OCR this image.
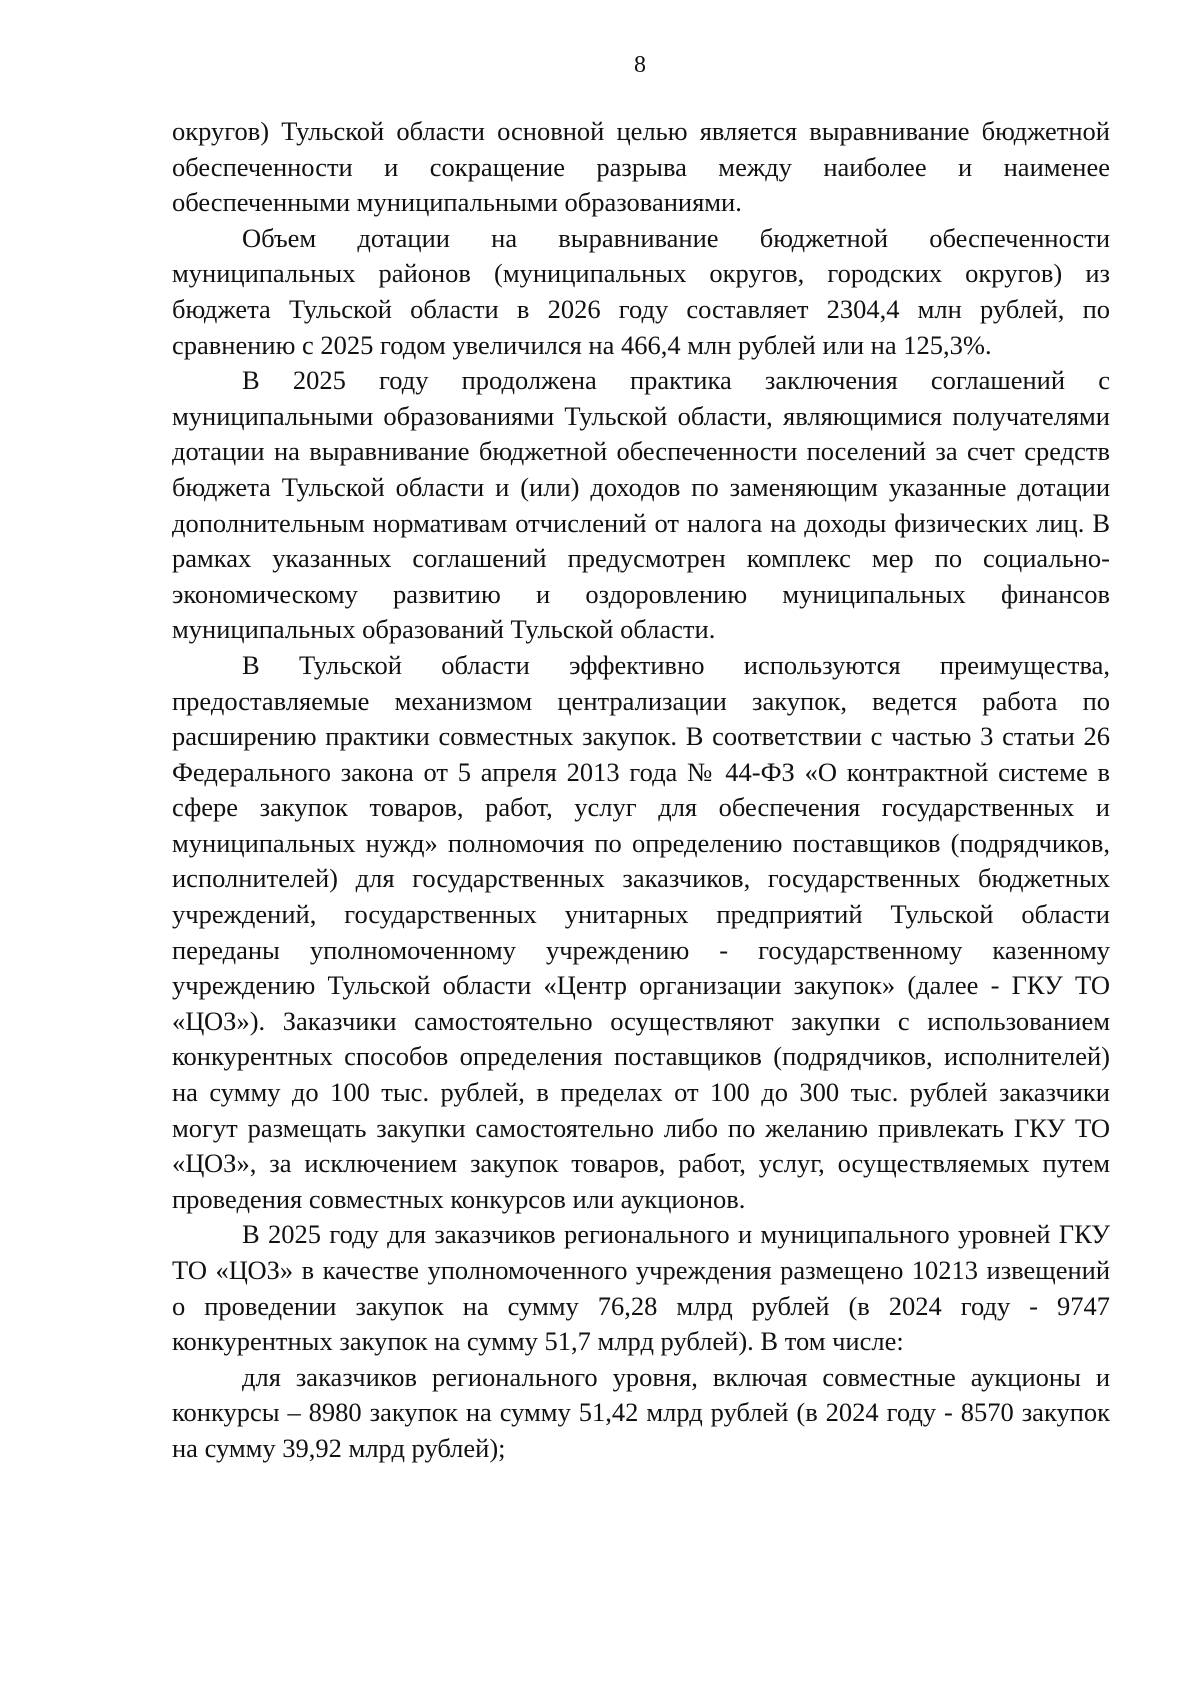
8

округов) Тульской области основной целью является выравнивание бюджетной обеспеченности и сокращение разрыва между наиболее и наименее обеспеченными муниципальными образованиями.

Объем дотации на выравнивание бюджетной обеспеченности муниципальных районов (муниципальных округов, городских округов) из бюджета Тульской области в 2026 году составляет 2304,4 млн рублей, по сравнению с 2025 годом увеличился на 466,4 млн рублей или на 125,3%.

В 2025 году продолжена практика заключения соглашений с муниципальными образованиями Тульской области, являющимися получателями дотации на выравнивание бюджетной обеспеченности поселений за счет средств бюджета Тульской области и (или) доходов по заменяющим указанные дотации дополнительным нормативам отчислений от налога на доходы физических лиц. В рамках указанных соглашений предусмотрен комплекс мер по социально-экономическому развитию и оздоровлению муниципальных финансов муниципальных образований Тульской области.

В Тульской области эффективно используются преимущества, предоставляемые механизмом централизации закупок, ведется работа по расширению практики совместных закупок. В соответствии с частью 3 статьи 26 Федерального закона от 5 апреля 2013 года № 44-ФЗ «О контрактной системе в сфере закупок товаров, работ, услуг для обеспечения государственных и муниципальных нужд» полномочия по определению поставщиков (подрядчиков, исполнителей) для государственных заказчиков, государственных бюджетных учреждений, государственных унитарных предприятий Тульской области переданы уполномоченному учреждению - государственному казенному учреждению Тульской области «Центр организации закупок» (далее - ГКУ ТО «ЦОЗ»). Заказчики самостоятельно осуществляют закупки с использованием конкурентных способов определения поставщиков (подрядчиков, исполнителей) на сумму до 100 тыс. рублей, в пределах от 100 до 300 тыс. рублей заказчики могут размещать закупки самостоятельно либо по желанию привлекать ГКУ ТО «ЦОЗ», за исключением закупок товаров, работ, услуг, осуществляемых путем проведения совместных конкурсов или аукционов.

В 2025 году для заказчиков регионального и муниципального уровней ГКУ ТО «ЦОЗ» в качестве уполномоченного учреждения размещено 10213 извещений о проведении закупок на сумму 76,28 млрд рублей (в 2024 году - 9747 конкурентных закупок на сумму 51,7 млрд рублей). В том числе:

для заказчиков регионального уровня, включая совместные аукционы и конкурсы – 8980 закупок на сумму 51,42 млрд рублей (в 2024 году - 8570 закупок на сумму 39,92 млрд рублей);
